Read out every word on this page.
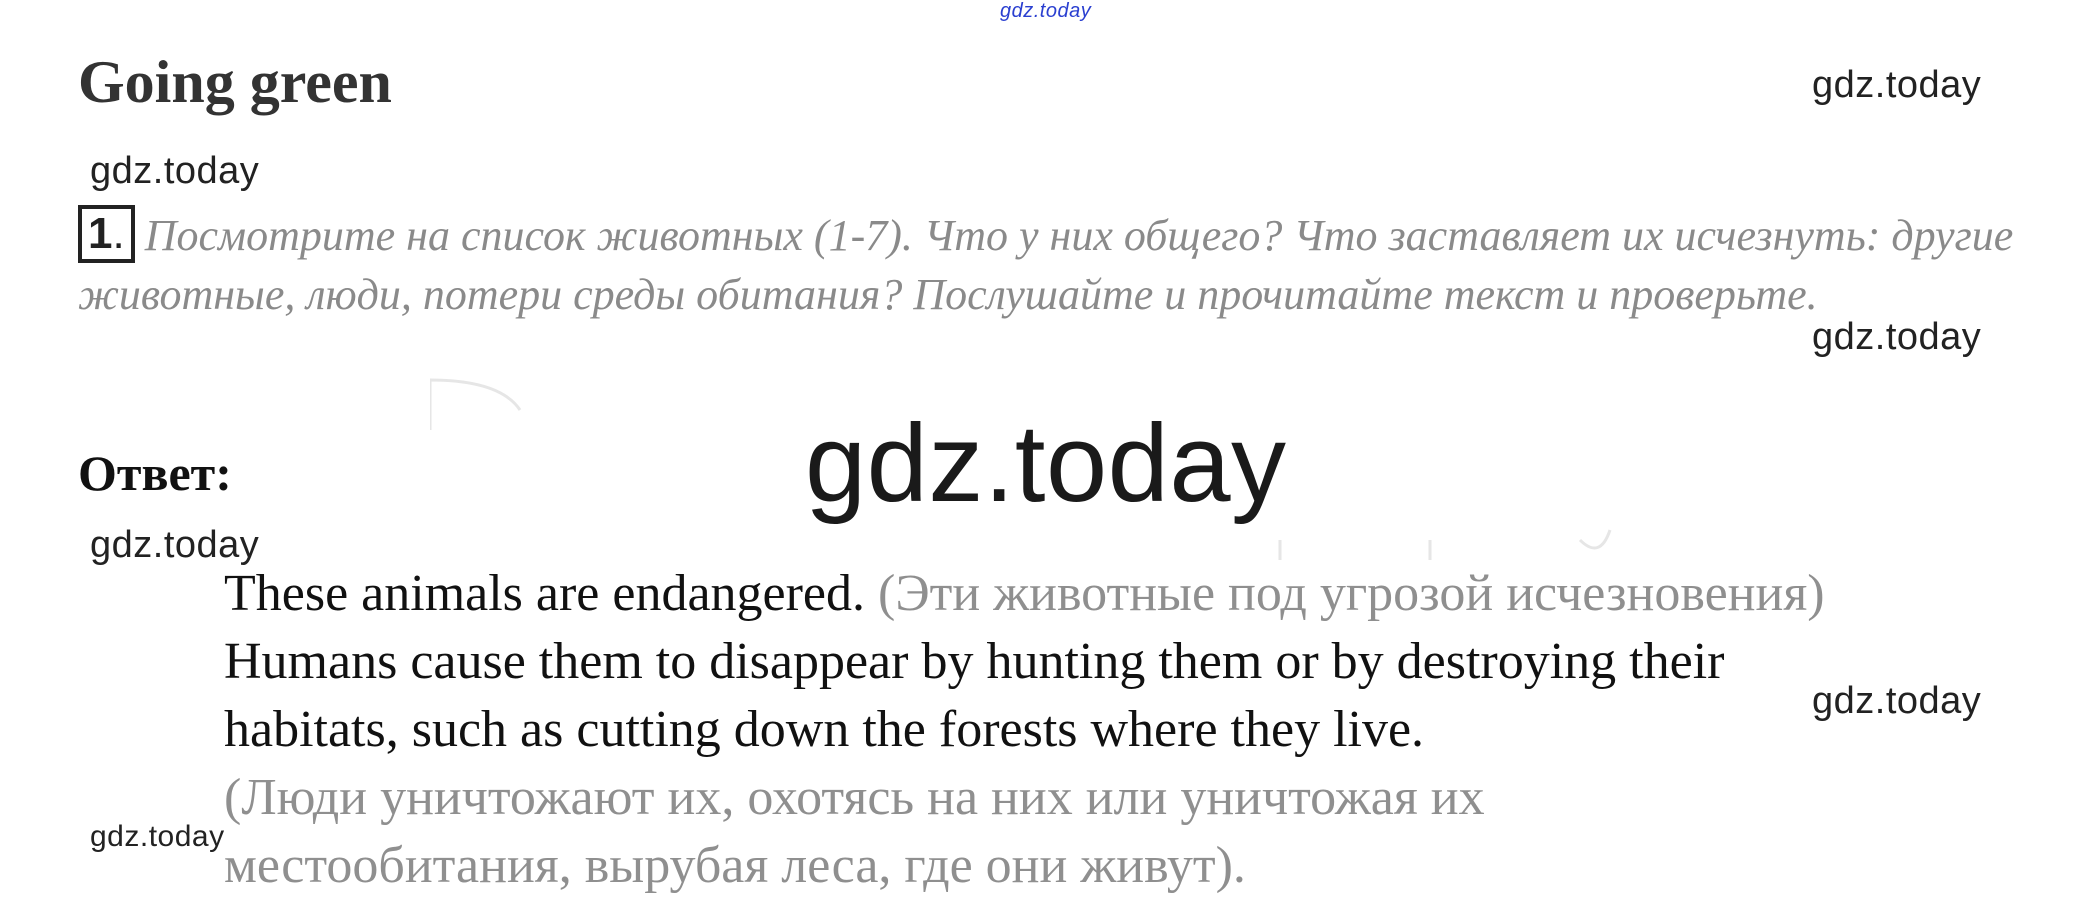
gdz.today
gdz.today
gdz.today
gdz.today
gdz.today
gdz.today
gdz.today
gdz.today
Going green
1. Посмотрите на список животных (1-7). Что у них общего? Что заставляет их исчезнуть: другие животные, люди, потери среды обитания? Послушайте и прочитайте текст и проверьте.
Ответ:
These animals are endangered. (Эти животные под угрозой исчезновения)
Humans cause them to disappear by hunting them or by destroying their
habitats, such as cutting down the forests where they live.
(Люди уничтожают их, охотясь на них или уничтожая их
местообитания, вырубая леса, где они живут).
